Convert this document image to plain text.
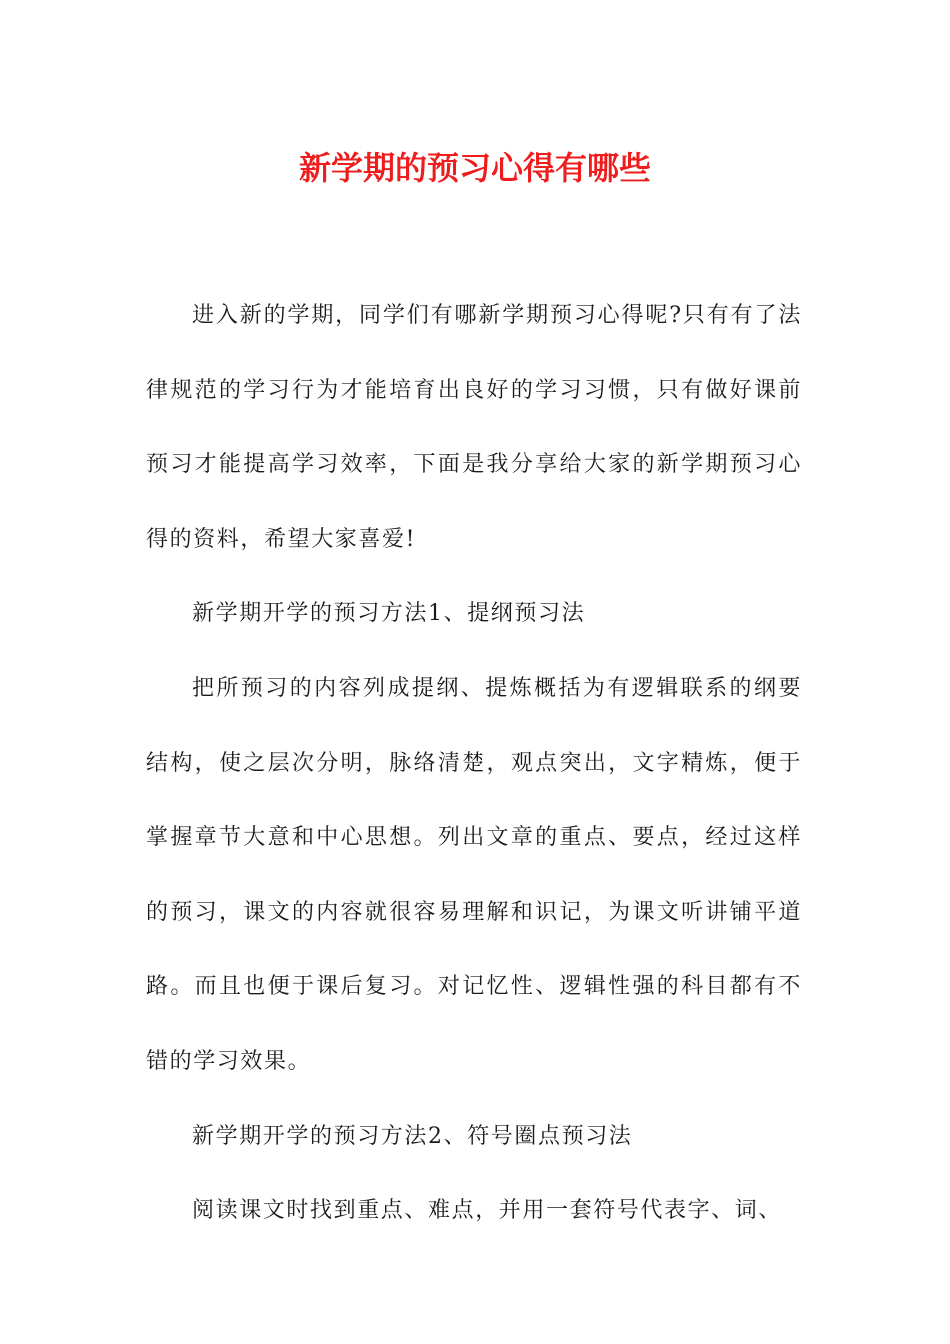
新学期的预习心得有哪些

进入新的学期，同学们有哪新学期预习心得呢?只有有了法律规范的学习行为才能培育出良好的学习习惯，只有做好课前预习才能提高学习效率，下面是我分享给大家的新学期预习心得的资料，希望大家喜爱!

新学期开学的预习方法1、提纲预习法

把所预习的内容列成提纲、提炼概括为有逻辑联系的纲要结构，使之层次分明，脉络清楚，观点突出，文字精炼，便于掌握章节大意和中心思想。列出文章的重点、要点，经过这样的预习，课文的内容就很容易理解和识记，为课文听讲铺平道路。而且也便于课后复习。对记忆性、逻辑性强的科目都有不错的学习效果。

新学期开学的预习方法2、符号圈点预习法

阅读课文时找到重点、难点，并用一套符号代表字、词、
